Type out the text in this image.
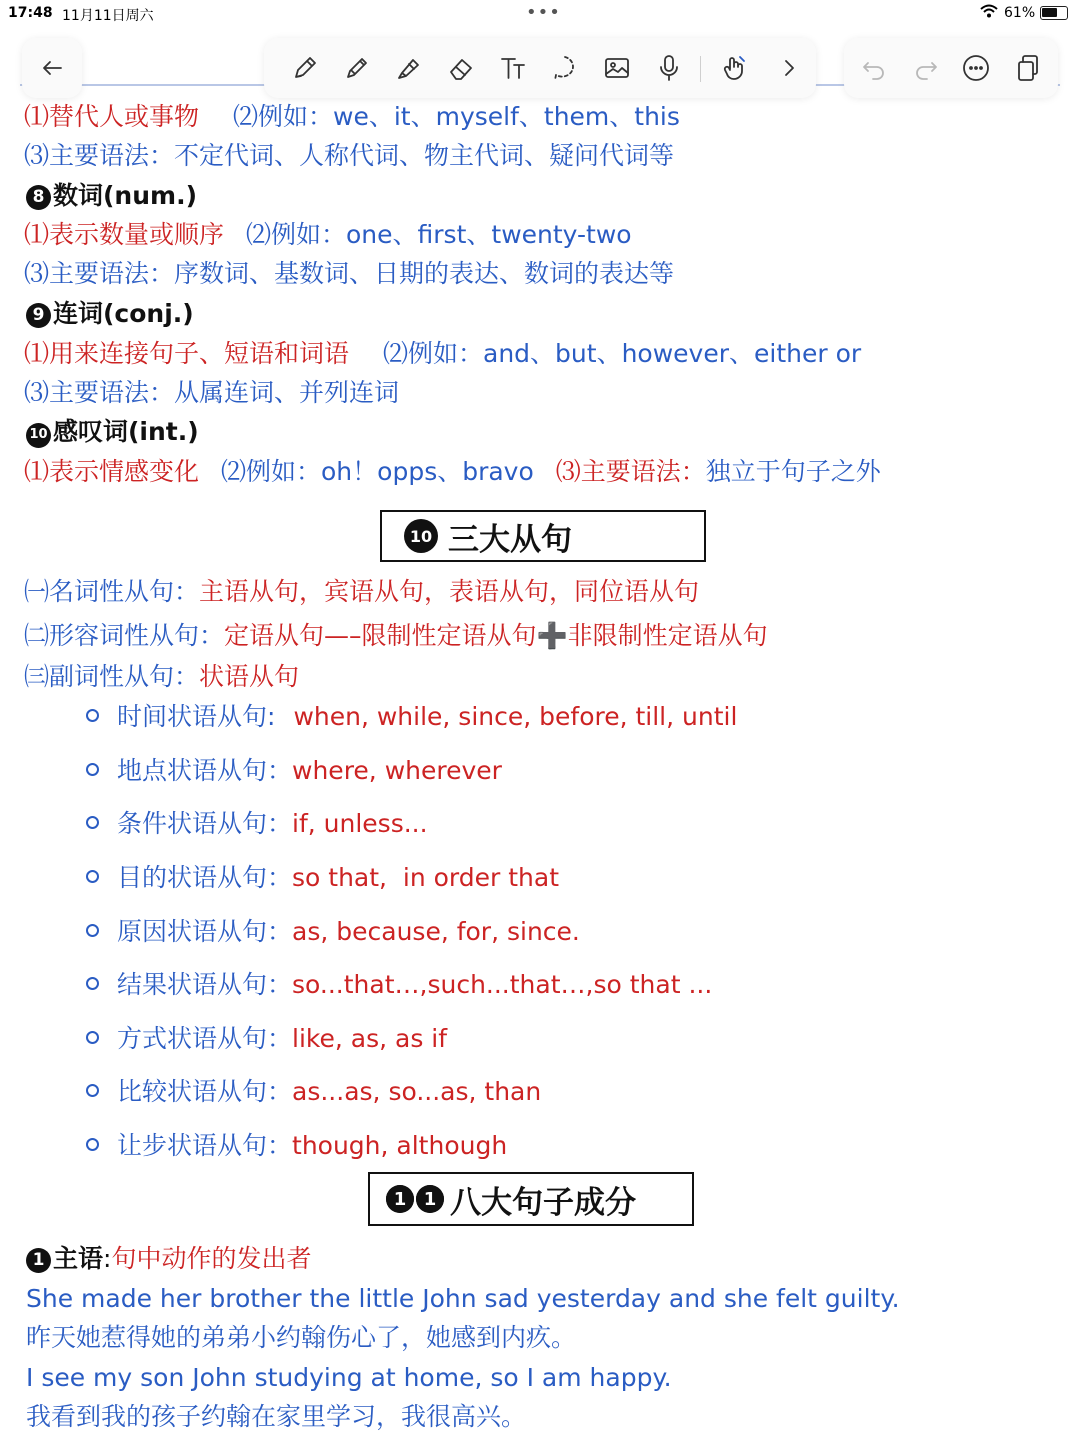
17:48 11月11日周六	•••	61%
⑴替代人或事物 ⑵例如：we、it、myself、them、this
⑶主要语法：不定代词、人称代词、物主代词、疑问代词等
8 数词(num.)
⑴表示数量或顺序 ⑵例如：one、first、twenty-two
⑶主要语法：序数词、基数词、日期的表达、数词的表达等
9 连词(conj.)
⑴用来连接句子、短语和词语 ⑵例如：and、but、however、either or
⑶主要语法：从属连词、并列连词
10 感叹词(int.)
⑴表示情感变化 ⑵例如：oh！opps、bravo ⑶主要语法：独立于句子之外
10 三大从句
㈠名词性从句：主语从句，宾语从句，表语从句，同位语从句
㈡形容词性从句：定语从句—–限制性定语从句➕非限制性定语从句
㈢副词性从句：状语从句
时间状语从句: when, while, since, before, till, until
地点状语从句：where, wherever
条件状语从句：if, unless...
目的状语从句：so that,  in order that
原因状语从句：as, because, for, since.
结果状语从句：so...that…,such...that…,so that ...
方式状语从句：like, as, as if
比较状语从句：as...as, so...as, than
让步状语从句：though, although
1 1 八大句子成分
1 主语:句中动作的发出者
She made her brother the little John sad yesterday and she felt guilty.
昨天她惹得她的弟弟小约翰伤心了，她感到内疚。
I see my son John studying at home, so I am happy.
我看到我的孩子约翰在家里学习，我很高兴。
